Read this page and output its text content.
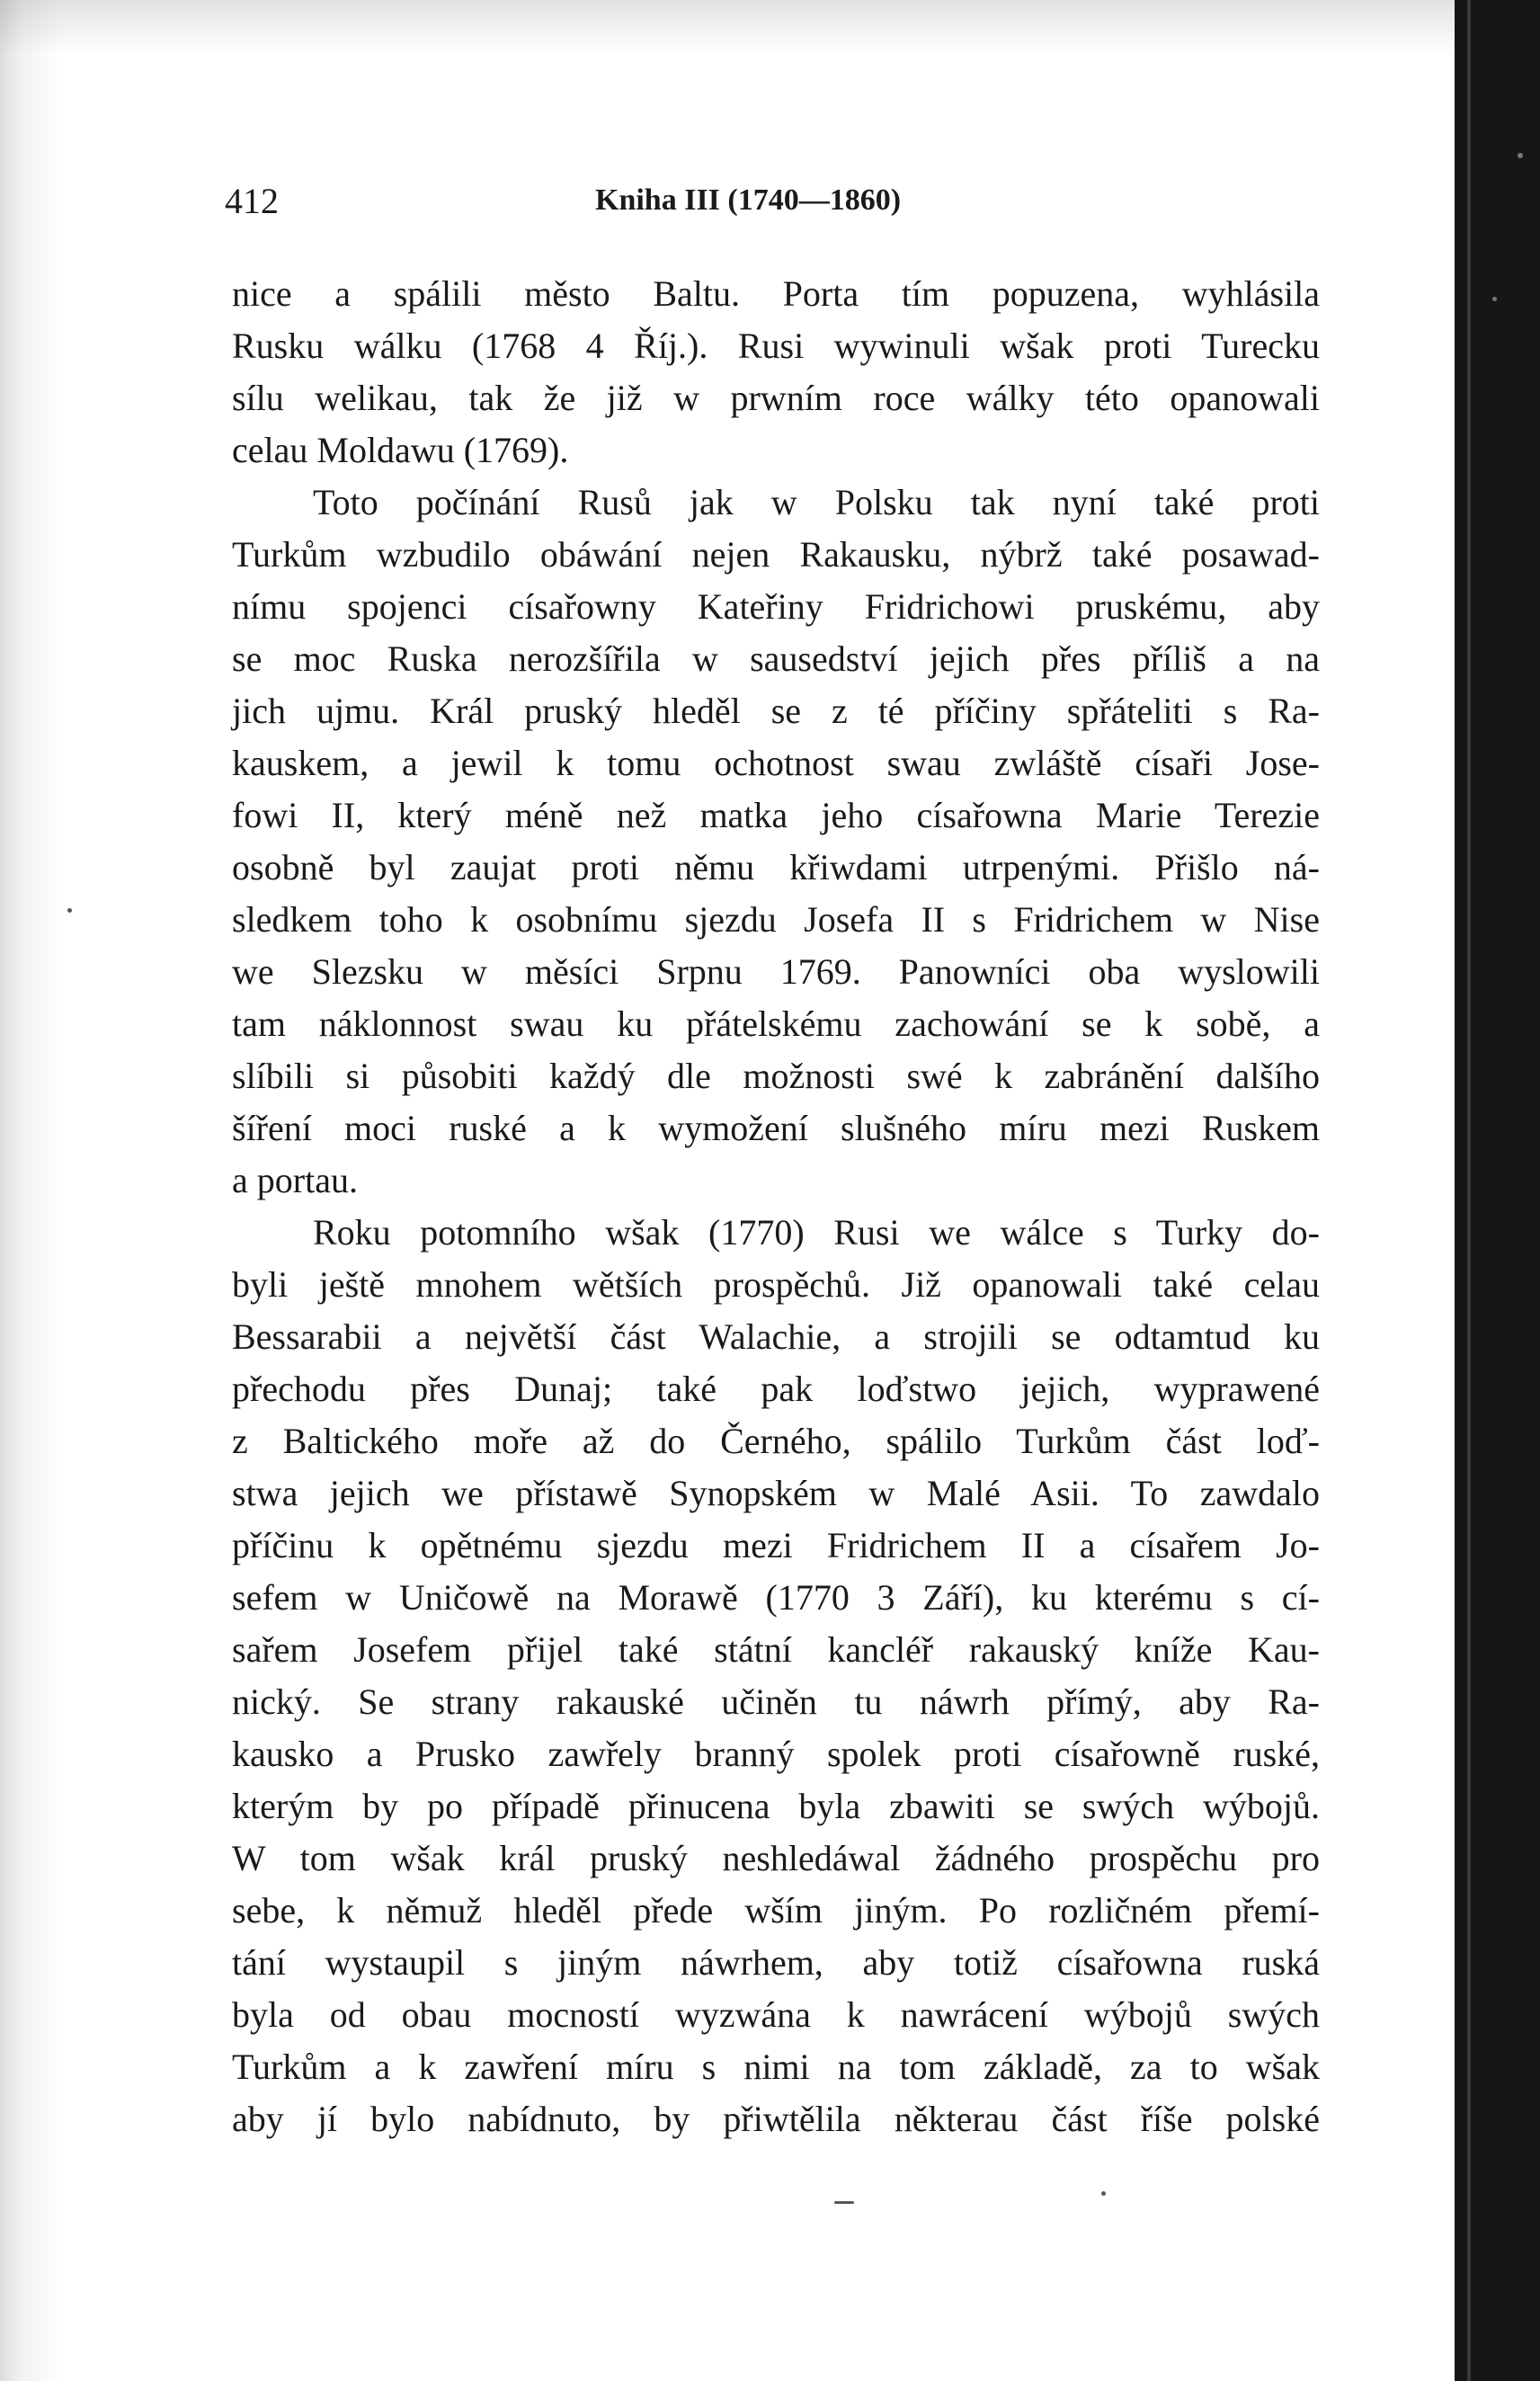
412	Kniha III (1740—1860)
nice a spálili město Baltu. Porta tím popuzena, wyhlásila
Rusku wálku (1768 4 Říj.). Rusi wywinuli wšak proti Turecku
sílu welikau, tak že již w prwním roce wálky této opanowali
celau Moldawu (1769).
Toto počínání Rusů jak w Polsku tak nyní také proti
Turkům wzbudilo obáwání nejen Rakausku, nýbrž také posawad-
nímu spojenci císařowny Kateřiny Fridrichowi pruskému, aby
se moc Ruska nerozšířila w sausedství jejich přes příliš a na
jich ujmu. Král pruský hleděl se z té příčiny spřáteliti s Ra-
kauskem, a jewil k tomu ochotnost swau zwláště císaři Jose-
fowi II, který méně než matka jeho císařowna Marie Terezie
osobně byl zaujat proti němu křiwdami utrpenými. Přišlo ná-
sledkem toho k osobnímu sjezdu Josefa II s Fridrichem w Nise
we Slezsku w měsíci Srpnu 1769. Panowníci oba wyslowili
tam náklonnost swau ku přátelskému zachowání se k sobě, a
slíbili si působiti každý dle možnosti swé k zabránění dalšího
šíření moci ruské a k wymožení slušného míru mezi Ruskem
a portau.
Roku potomního wšak (1770) Rusi we wálce s Turky do-
byli ještě mnohem wětších prospěchů. Již opanowali také celau
Bessarabii a největší část Walachie, a strojili se odtamtud ku
přechodu přes Dunaj; také pak loďstwo jejich, wyprawené
z Baltického moře až do Černého, spálilo Turkům část loď-
stwa jejich we přístawě Synopském w Malé Asii. To zawdalo
příčinu k opětnému sjezdu mezi Fridrichem II a císařem Jo-
sefem w Uničowě na Morawě (1770 3 Září), ku kterému s cí-
sařem Josefem přijel také státní kancléř rakauský kníže Kau-
nický. Se strany rakauské učiněn tu náwrh přímý, aby Ra-
kausko a Prusko zawřely branný spolek proti císařowně ruské,
kterým by po případě přinucena byla zbawiti se swých wýbojů.
W tom wšak král pruský neshledáwal žádného prospěchu pro
sebe, k němuž hleděl přede wším jiným. Po rozličném přemí-
tání wystaupil s jiným náwrhem, aby totiž císařowna ruská
byla od obau mocností wyzwána k nawrácení wýbojů swých
Turkům a k zawření míru s nimi na tom základě, za to wšak
aby jí bylo nabídnuto, by přiwtělila některau část říše polské
